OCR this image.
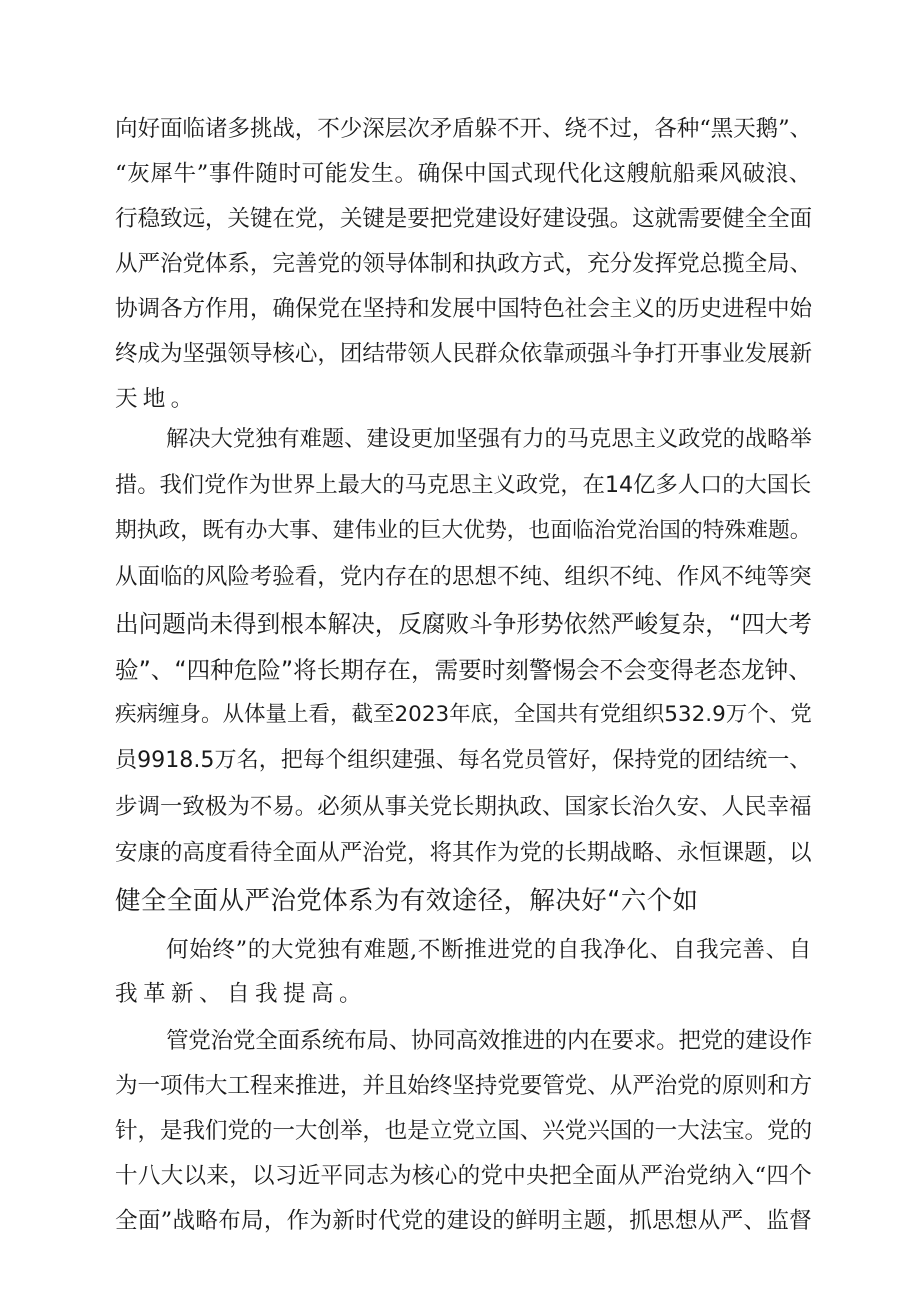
向好面临诸多挑战，不少深层次矛盾躲不开、绕不过，各种“黑天鹅”、

“灰犀牛”事件随时可能发生。确保中国式现代化这艘航船乘风破浪、

行稳致远，关键在党，关键是要把党建设好建设强。这就需要健全全面

从严治党体系，完善党的领导体制和执政方式，充分发挥党总揽全局、

协调各方作用，确保党在坚持和发展中国特色社会主义的历史进程中始

终成为坚强领导核心，团结带领人民群众依靠顽强斗争打开事业发展新

天地。

解决大党独有难题、建设更加坚强有力的马克思主义政党的战略举

措。我们党作为世界上最大的马克思主义政党，在14亿多人口的大国长

期执政，既有办大事、建伟业的巨大优势，也面临治党治国的特殊难题。

从面临的风险考验看，党内存在的思想不纯、组织不纯、作风不纯等突

出问题尚未得到根本解决，反腐败斗争形势依然严峻复杂，“四大考

验”、“四种危险”将长期存在，需要时刻警惕会不会变得老态龙钟、

疾病缠身。从体量上看，截至2023年底，全国共有党组织532.9万个、党

员9918.5万名，把每个组织建强、每名党员管好，保持党的团结统一、

步调一致极为不易。必须从事关党长期执政、国家长治久安、人民幸福

安康的高度看待全面从严治党，将其作为党的长期战略、永恒课题，以

健全全面从严治党体系为有效途径，解决好“六个如

何始终”的大党独有难题,不断推进党的自我净化、自我完善、自

我革新、自我提高。

管党治党全面系统布局、协同高效推进的内在要求。把党的建设作

为一项伟大工程来推进，并且始终坚持党要管党、从严治党的原则和方

针，是我们党的一大创举，也是立党立国、兴党兴国的一大法宝。党的

十八大以来，以习近平同志为核心的党中央把全面从严治党纳入“四个

全面”战略布局，作为新时代党的建设的鲜明主题，抓思想从严、监督
